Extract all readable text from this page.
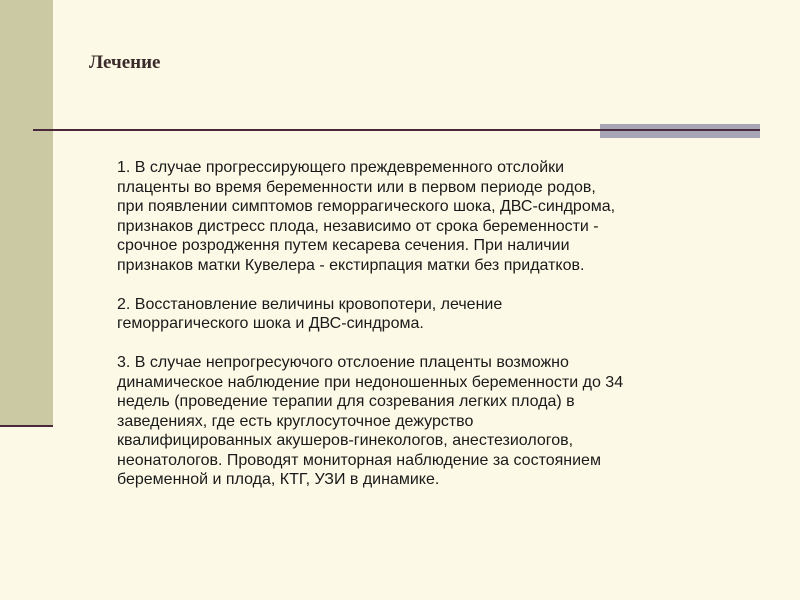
Лечение

1. В случае прогрессирующего преждевременного отслойки
плаценты во время беременности или в первом периоде родов,
при появлении симптомов геморрагического шока, ДВС-синдрома,
признаков дистресс плода, независимо от срока беременности -
срочное розродження путем кесарева сечения. При наличии
признаков матки Кувелера - екстирпация матки без придатков.

2. Восстановление величины кровопотери, лечение
геморрагического шока и ДВС-синдрома.

3. В случае непрогресуючого отслоение плаценты возможно
динамическое наблюдение при недоношенных беременности до 34
недель (проведение терапии для созревания легких плода) в
заведениях, где есть круглосуточное дежурство
квалифицированных акушеров-гинекологов, анестезиологов,
неонатологов. Проводят мониторная наблюдение за состоянием
беременной и плода, КТГ, УЗИ в динамике.
